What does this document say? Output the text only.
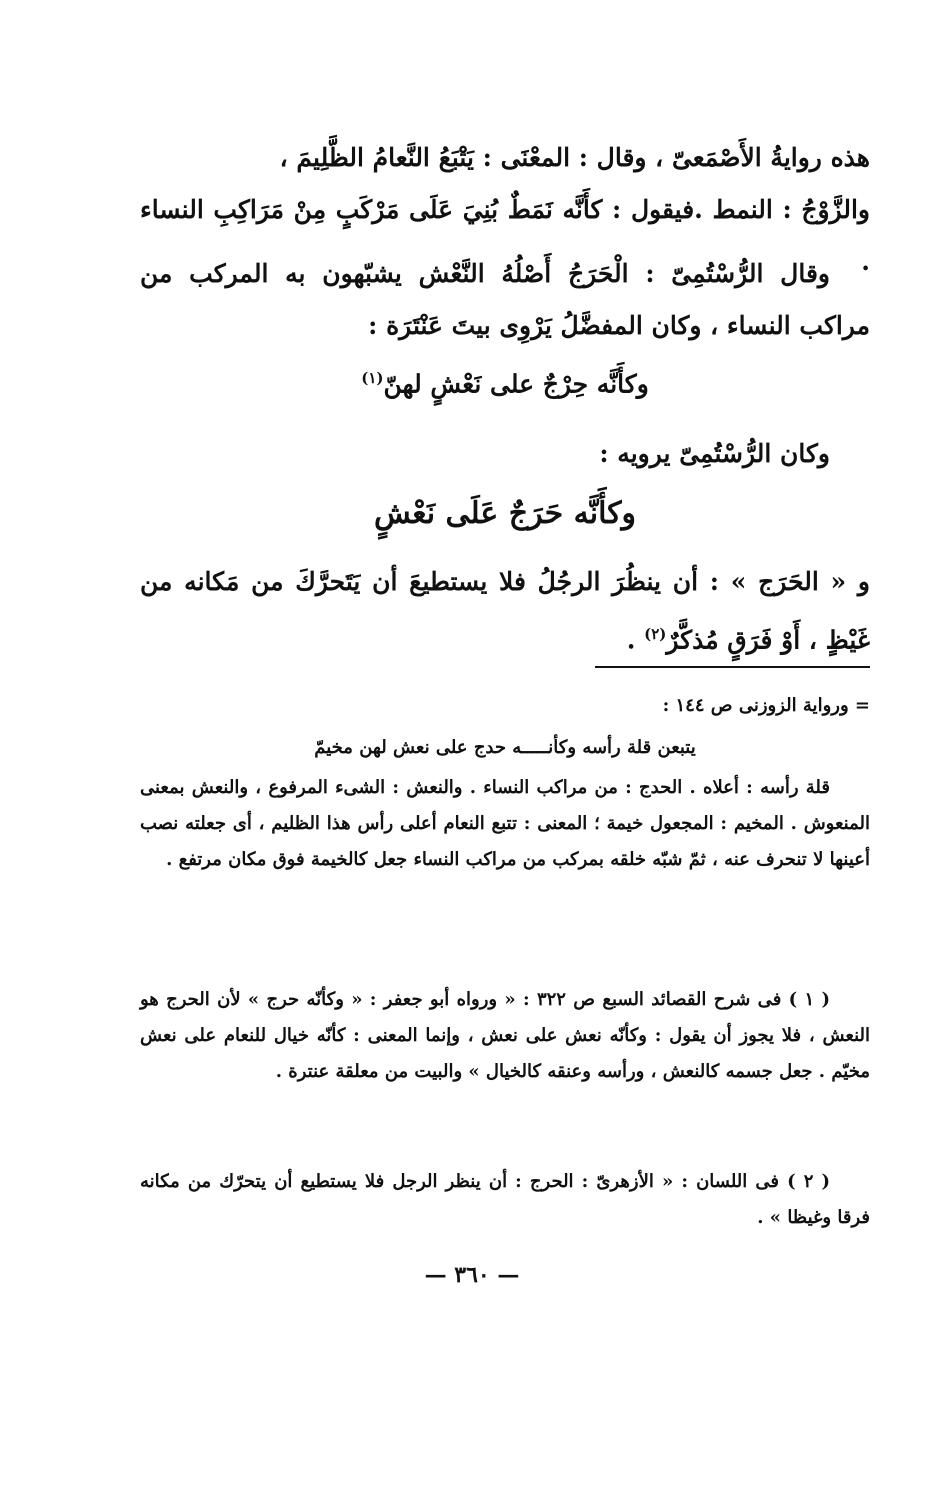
هذه روايةُ الأَصْمَعىّ ، وقال : المعْنَى : يَتْبَعُ النَّعامُ الظَّلِيمَ ،

والزَّوْجُ : النمط .فيقول : كأَنَّه نَمَطٌ بُنِيَ عَلَى مَرْكَبٍ مِنْ مَرَاكِبِ النساء .

وقال الرُّسْتُمِىّ : الْحَرَجُ أَصْلُهُ النَّعْش يشبّهون به المركب من مراكب النساء ، وكان المفضَّلُ يَرْوِى بيتَ عَنْتَرَة :

وكأَنَّه حِرْجٌ على نَعْشٍ لهنّ$^{(١)}$

وكان الرُّسْتُمِىّ يرويه :

وكأَنَّه حَرَجٌ عَلَى نَعْشٍ

و « الحَرَج » : أن ينظُرَ الرجُلُ فلا يستطيعَ أن يَتَحرَّكَ من مَكانه من غَيْظٍ ، أَوْ فَرَقٍ مُذكَّرٌ$^{(٢)}$ .

= ورواية الزوزنى ص ١٤٤ :

يتبعن قلة رأسه وكأنـــــه حدج على نعش لهن مخيمّ

قلة رأسه : أعلاه . الحدج : من مراكب النساء . والنعش : الشىء المرفوع ، والنعش بمعنى المنعوش . المخيم : المجعول خيمة ؛ المعنى : تتبع النعام أعلى رأس هذا الظليم ، أى جعلته نصب أعينها لا تنحرف عنه ، ثمّ شبّه خلقه بمركب من مراكب النساء جعل كالخيمة فوق مكان مرتفع .

( ١ ) فى شرح القصائد السبع ص ٣٢٢ : « ورواه أبو جعفر : « وكأنّه حرج » لأن الحرج هو النعش ، فلا يجوز أن يقول : وكأنّه نعش على نعش ، وإنما المعنى : كأنّه خيال للنعام على نعش مخيّم . جعل جسمه كالنعش ، ورأسه وعنقه كالخيال » والبيت من معلقة عنترة .

( ٢ ) فى اللسان : « الأزهرىّ : الحرج : أن ينظر الرجل فلا يستطيع أن يتحرّك من مكانه فرقا وغيظا » .

— ٣٦٠ —
